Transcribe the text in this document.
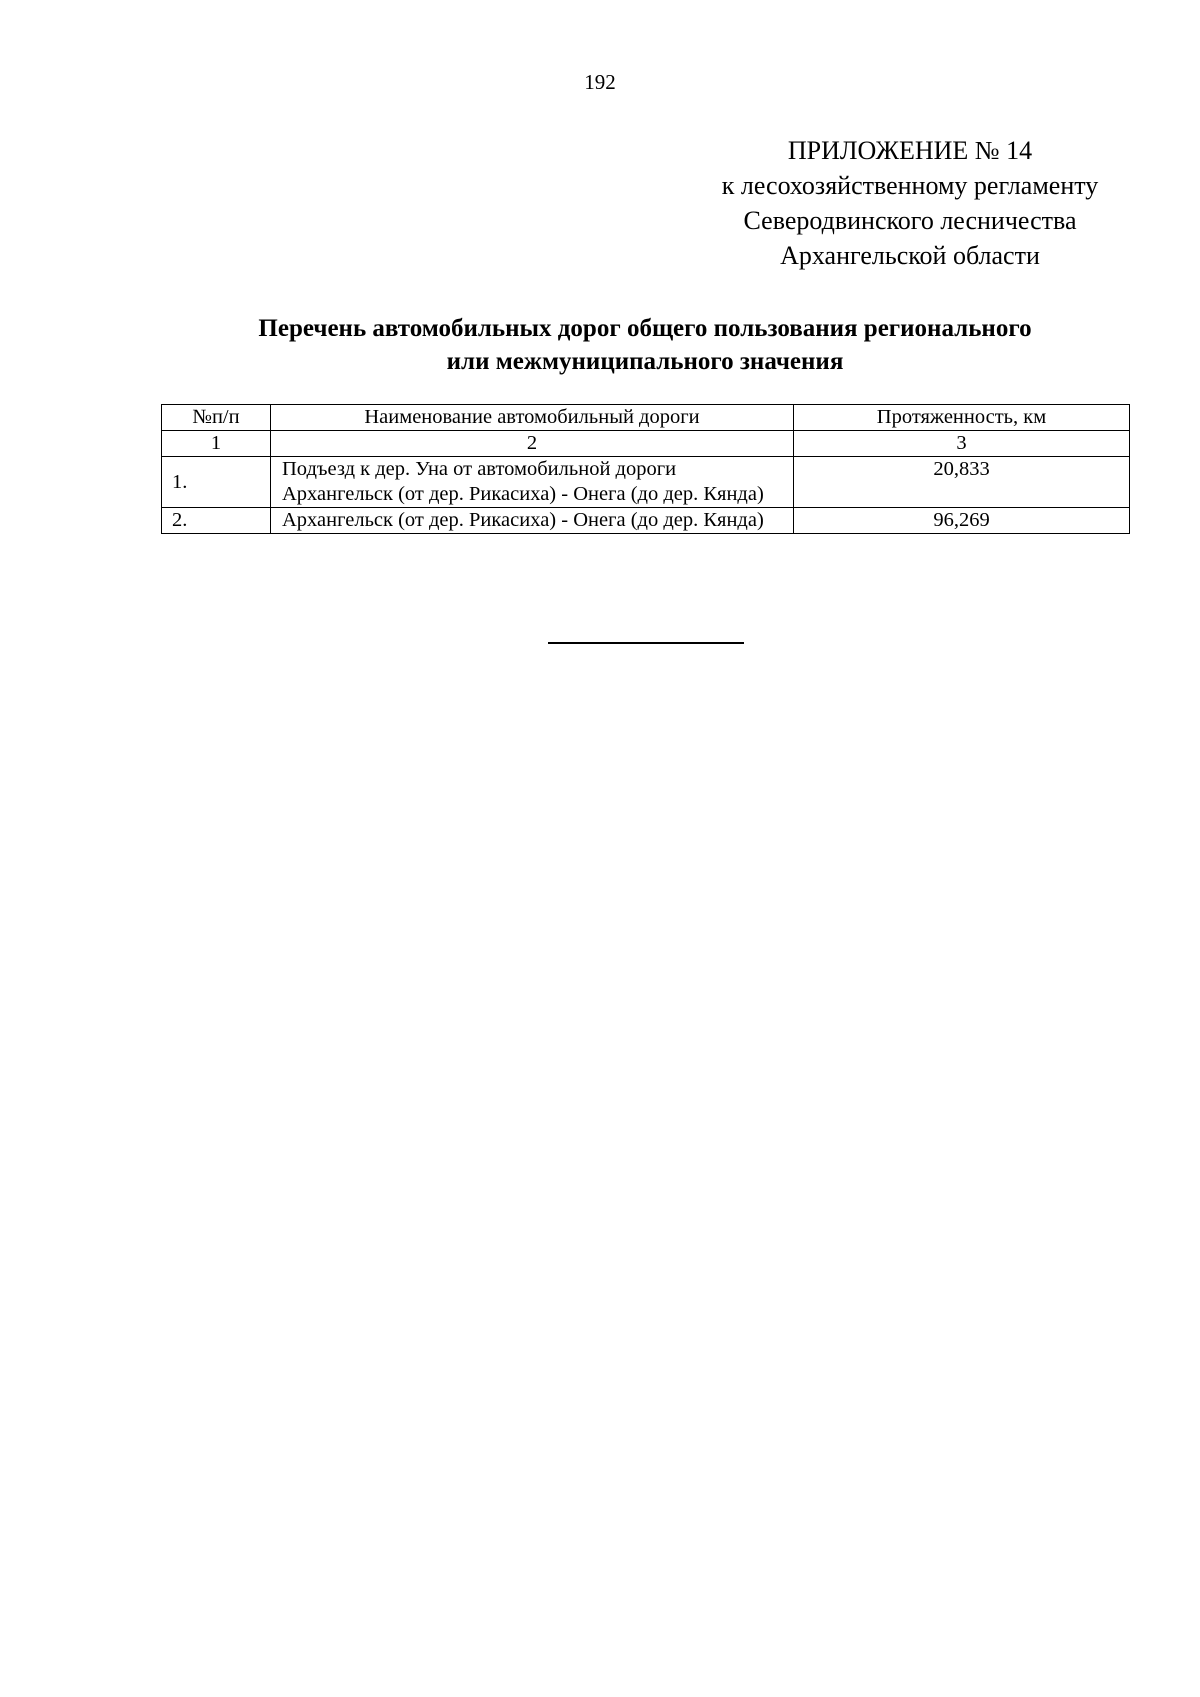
192
ПРИЛОЖЕНИЕ № 14
к лесохозяйственному регламенту
Северодвинского лесничества
Архангельской области
Перечень автомобильных дорог общего пользования регионального
или межмуниципального значения
№п/п	Наименование автомобильный дороги	Протяженность, км
1	2	3
1.	Подъезд к дер. Уна от автомобильной дороги Архангельск (от дер. Рикасиха) - Онега (до дер. Кянда)	20,833
2.	Архангельск (от дер. Рикасиха) - Онега (до дер. Кянда)	96,269
